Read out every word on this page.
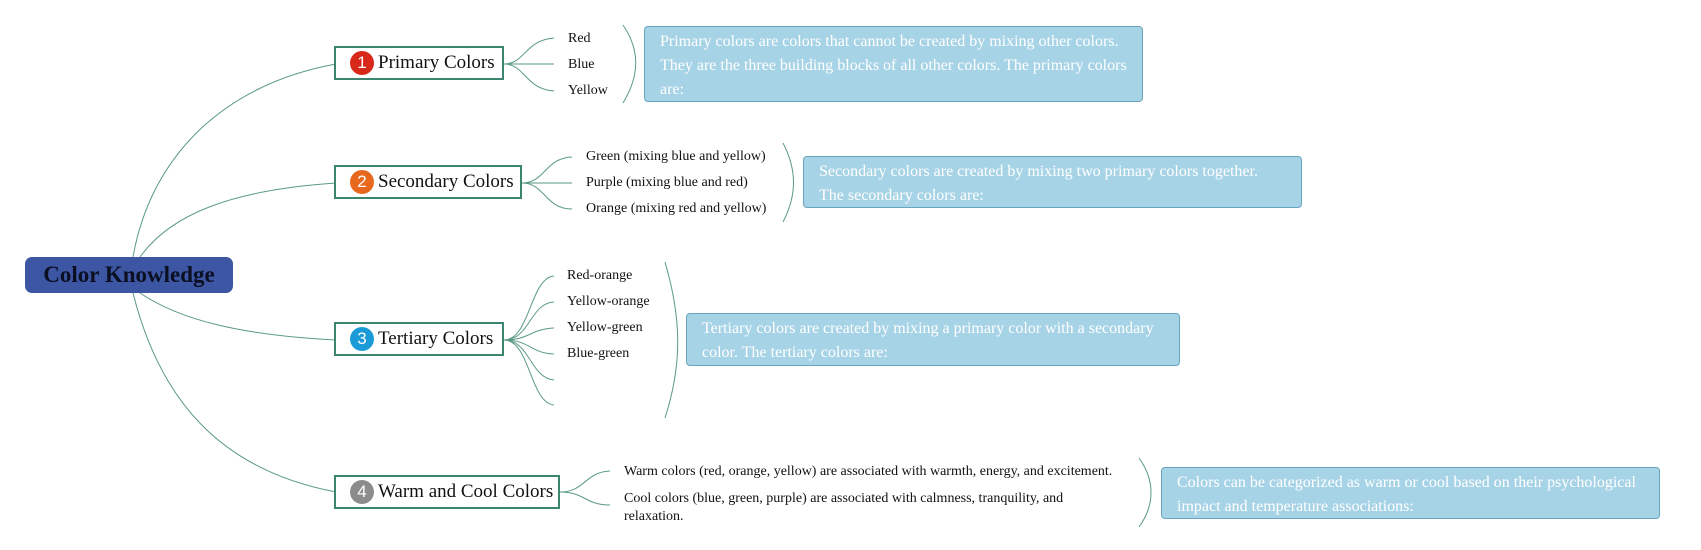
Color Knowledge
1 Primary Colors
Red
Blue
Yellow
Primary colors are colors that cannot be created by mixing other colors. They are the three building blocks of all other colors. The primary colors are:
2 Secondary Colors
Green (mixing blue and yellow)
Purple (mixing blue and red)
Orange (mixing red and yellow)
Secondary colors are created by mixing two primary colors together. The secondary colors are:
3 Tertiary Colors
Red-orange
Yellow-orange
Yellow-green
Blue-green
Tertiary colors are created by mixing a primary color with a secondary color. The tertiary colors are:
4 Warm and Cool Colors
Warm colors (red, orange, yellow) are associated with warmth, energy, and excitement.
Cool colors (blue, green, purple) are associated with calmness, tranquility, and relaxation.
Colors can be categorized as warm or cool based on their psychological impact and temperature associations:
